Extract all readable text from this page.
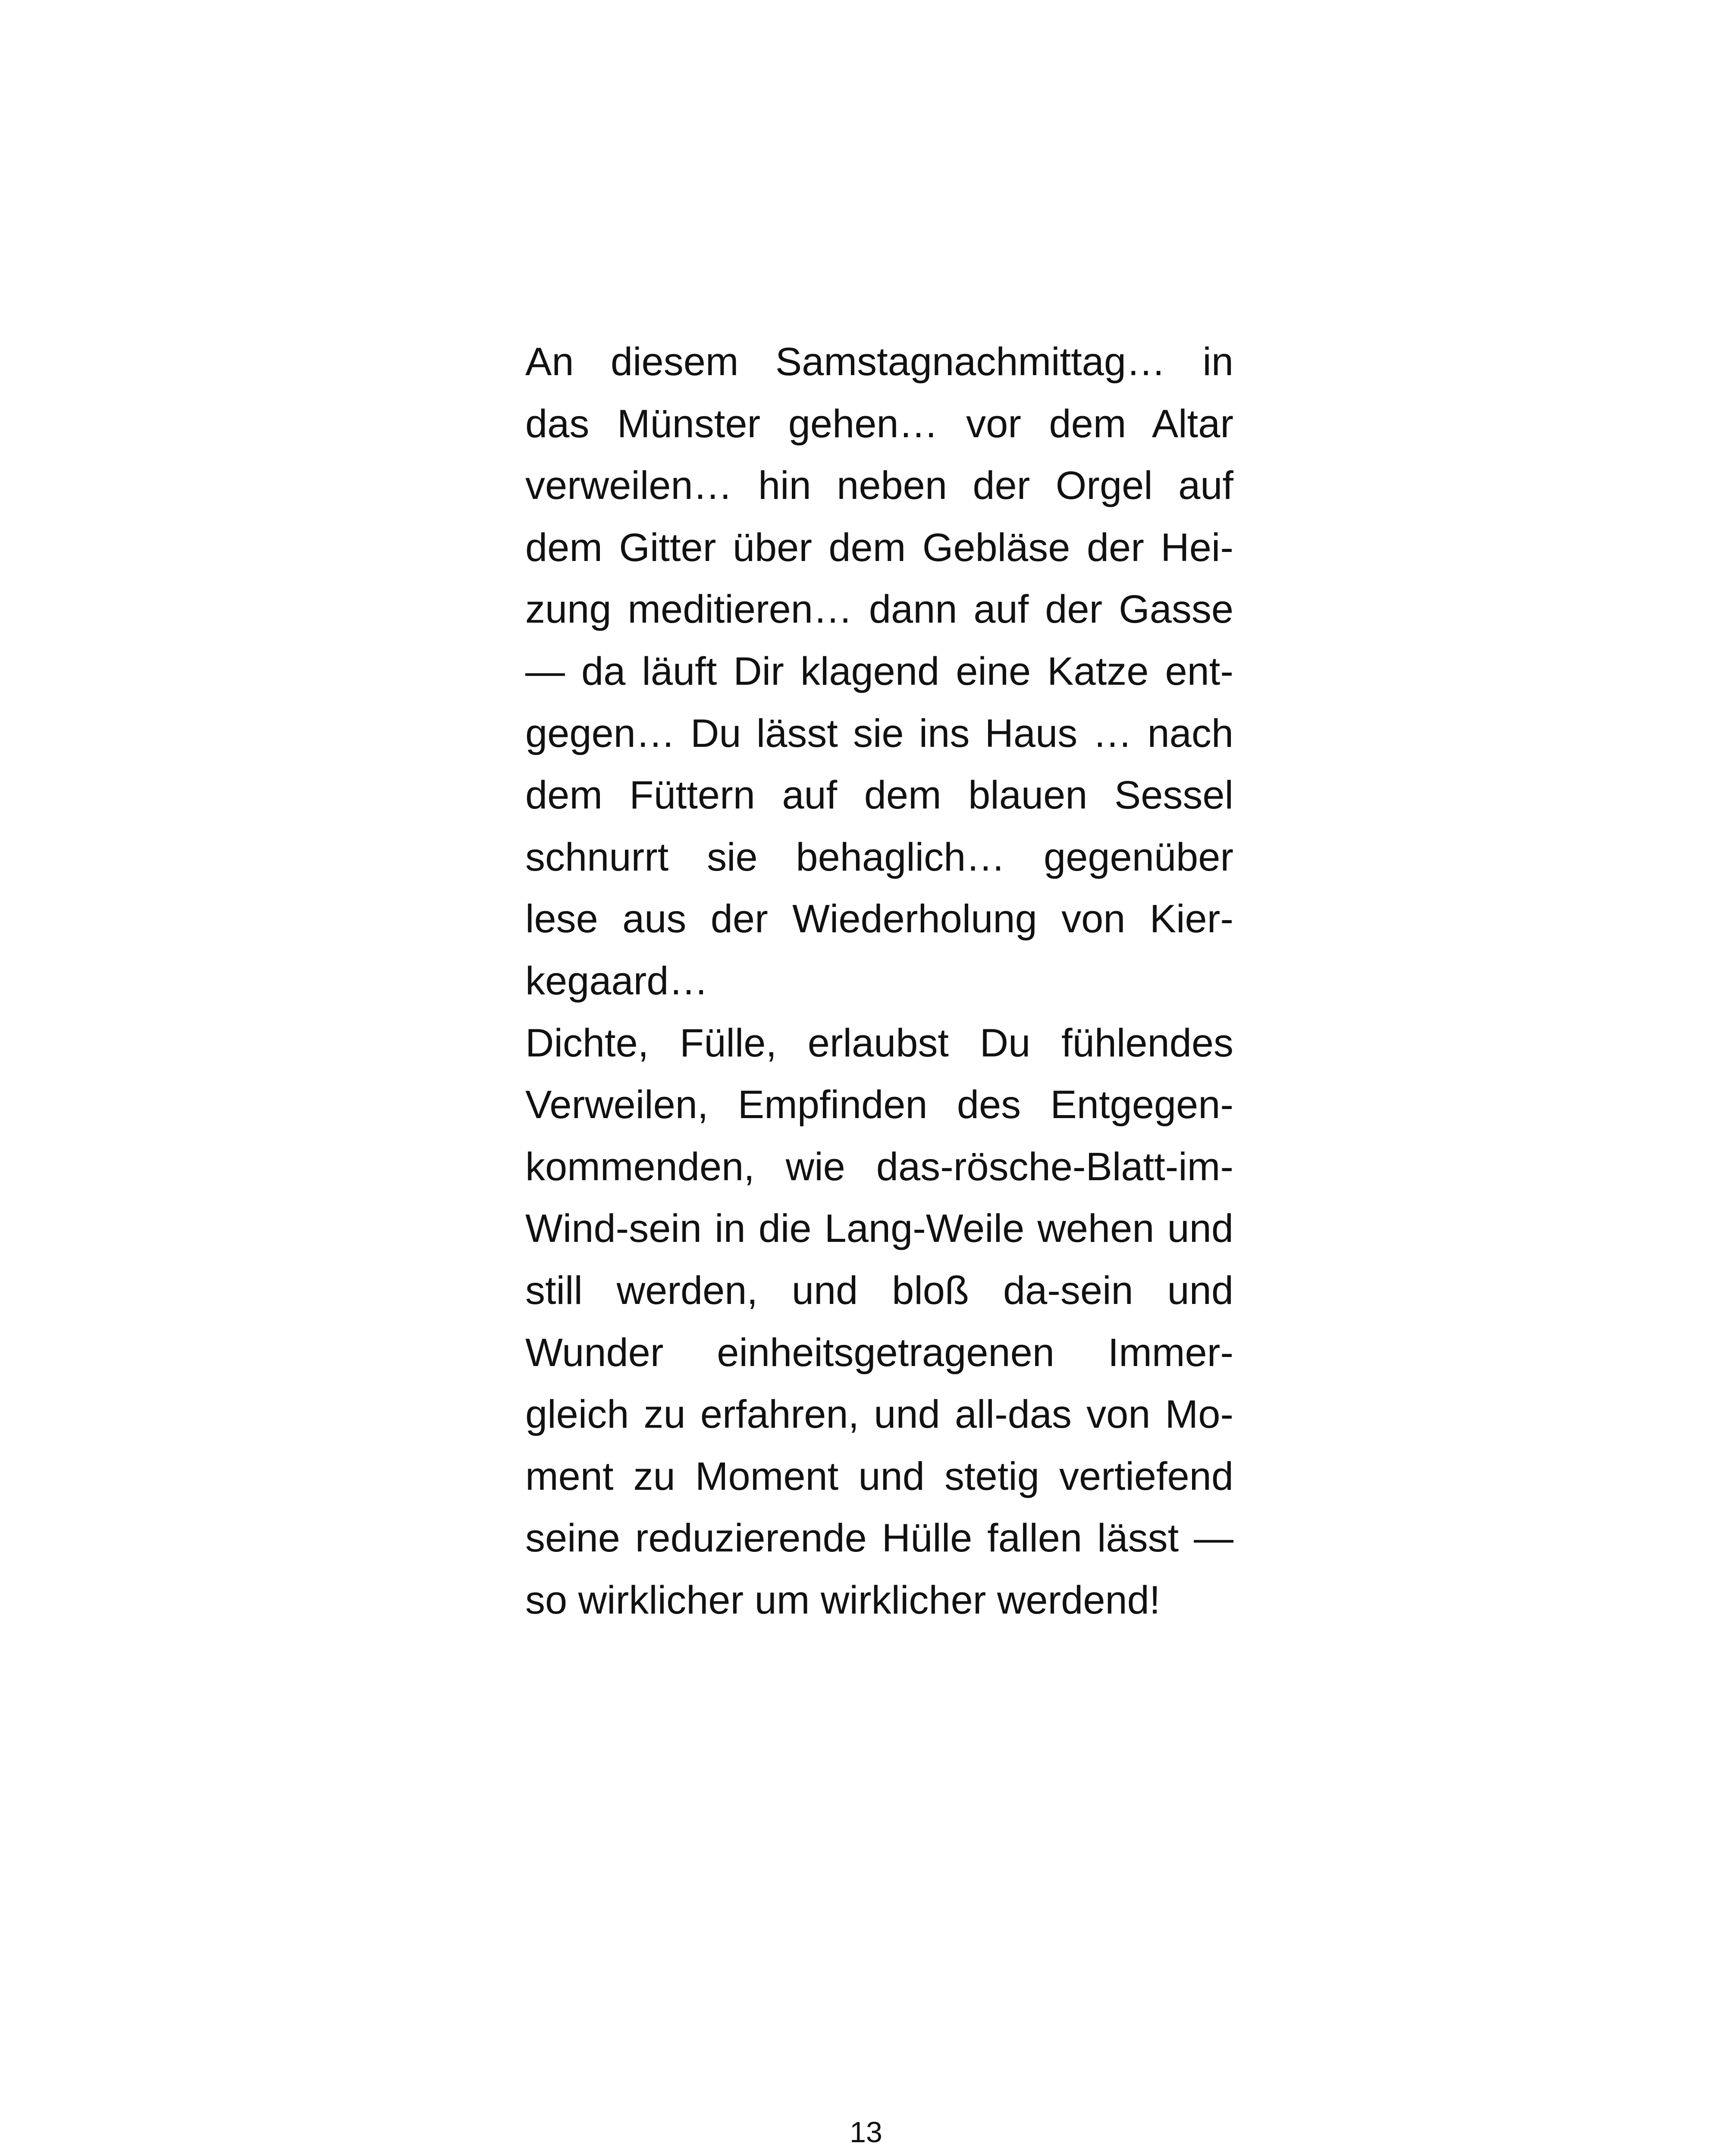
An diesem Samstagnachmittag… in
das Münster gehen… vor dem Altar
verweilen… hin neben der Orgel auf
dem Gitter über dem Gebläse der Hei-
zung meditieren… dann auf der Gasse
— da läuft Dir klagend eine Katze ent-
gegen… Du lässt sie ins Haus … nach
dem Füttern auf dem blauen Sessel
schnurrt sie behaglich… gegenüber
lese aus der Wiederholung von Kier-
kegaard…
Dichte, Fülle, erlaubst Du fühlendes
Verweilen, Empfinden des Entgegen-
kommenden, wie das-rösche-Blatt-im-
Wind-sein in die Lang-Weile wehen und
still werden, und bloß da-sein und
Wunder einheitsgetragenen Immer-
gleich zu erfahren, und all-das von Mo-
ment zu Moment und stetig vertiefend
seine reduzierende Hülle fallen lässt —
so wirklicher um wirklicher werdend!
13
